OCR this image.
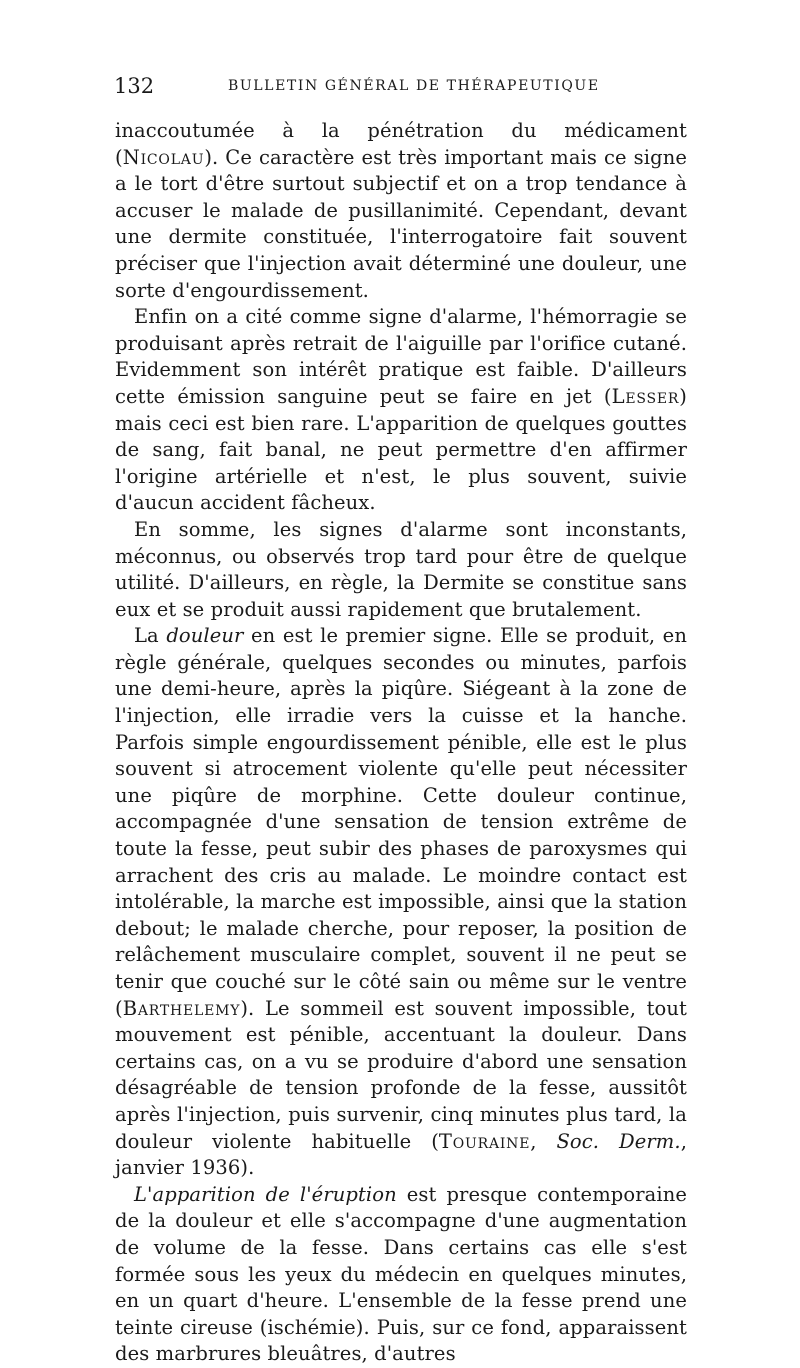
132	BULLETIN GÉNÉRAL DE THÉRAPEUTIQUE

inaccoutumée à la pénétration du médicament (Nicolau). Ce caractère est très important mais ce signe a le tort d'être surtout subjectif et on a trop tendance à accuser le malade de pusillanimité. Cependant, devant une dermite constituée, l'interrogatoire fait souvent préciser que l'injection avait déterminé une douleur, une sorte d'engourdissement.

Enfin on a cité comme signe d'alarme, l'hémorragie se produisant après retrait de l'aiguille par l'orifice cutané. Evidemment son intérêt pratique est faible. D'ailleurs cette émission sanguine peut se faire en jet (Lesser) mais ceci est bien rare. L'apparition de quelques gouttes de sang, fait banal, ne peut permettre d'en affirmer l'origine artérielle et n'est, le plus souvent, suivie d'aucun accident fâcheux.

En somme, les signes d'alarme sont inconstants, méconnus, ou observés trop tard pour être de quelque utilité. D'ailleurs, en règle, la Dermite se constitue sans eux et se produit aussi rapidement que brutalement.

La douleur en est le premier signe. Elle se produit, en règle générale, quelques secondes ou minutes, parfois une demi-heure, après la piqûre. Siégeant à la zone de l'injection, elle irradie vers la cuisse et la hanche. Parfois simple engourdissement pénible, elle est le plus souvent si atrocement violente qu'elle peut nécessiter une piqûre de morphine. Cette douleur continue, accompagnée d'une sensation de tension extrême de toute la fesse, peut subir des phases de paroxysmes qui arrachent des cris au malade. Le moindre contact est intolérable, la marche est impossible, ainsi que la station debout; le malade cherche, pour reposer, la position de relâchement musculaire complet, souvent il ne peut se tenir que couché sur le côté sain ou même sur le ventre (Barthelemy). Le sommeil est souvent impossible, tout mouvement est pénible, accentuant la douleur. Dans certains cas, on a vu se produire d'abord une sensation désagréable de tension profonde de la fesse, aussitôt après l'injection, puis survenir, cinq minutes plus tard, la douleur violente habituelle (Touraine, Soc. Derm., janvier 1936).

L'apparition de l'éruption est presque contemporaine de la douleur et elle s'accompagne d'une augmentation de volume de la fesse. Dans certains cas elle s'est formée sous les yeux du médecin en quelques minutes, en un quart d'heure. L'ensemble de la fesse prend une teinte cireuse (ischémie). Puis, sur ce fond, apparaissent des marbrures bleuâtres, d'autres
